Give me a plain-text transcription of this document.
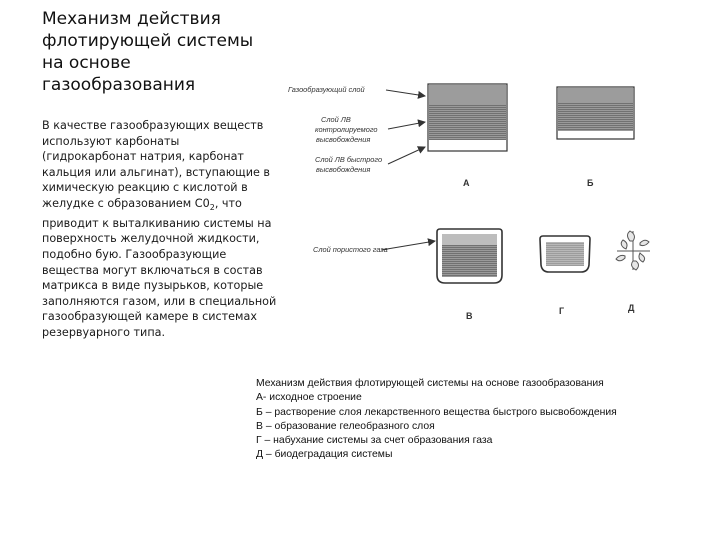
Механизм действия
флотирующей системы
на основе
газообразования
В качестве газообразующих веществ используют карбонаты (гидрокарбонат натрия, карбонат кальция или альгинат), вступающие в химическую реакцию с кислотой в желудке с образованием $C0_2$, что приводит к выталкиванию системы на поверхность желудочной жидкости, подобно бую. Газообразующие вещества могут включаться в состав матрикса в виде пузырьков, которые заполняются газом, или в специальной газообразующей камере в системах резервуарного типа.
Газообразующий слой
Слой ЛВ
контролируемого
высвобождения
Слой ЛВ быстрого
высвобождения
Слой пористого газа
А	Б
В	Г	Д
Механизм действия флотирующей системы на основе газообразования
А- исходное строение
Б – растворение слоя лекарственного вещества быстрого высвобождения
В – образование гелеобразного слоя
Г – набухание системы за счет образования газа
Д – биодеградация системы
